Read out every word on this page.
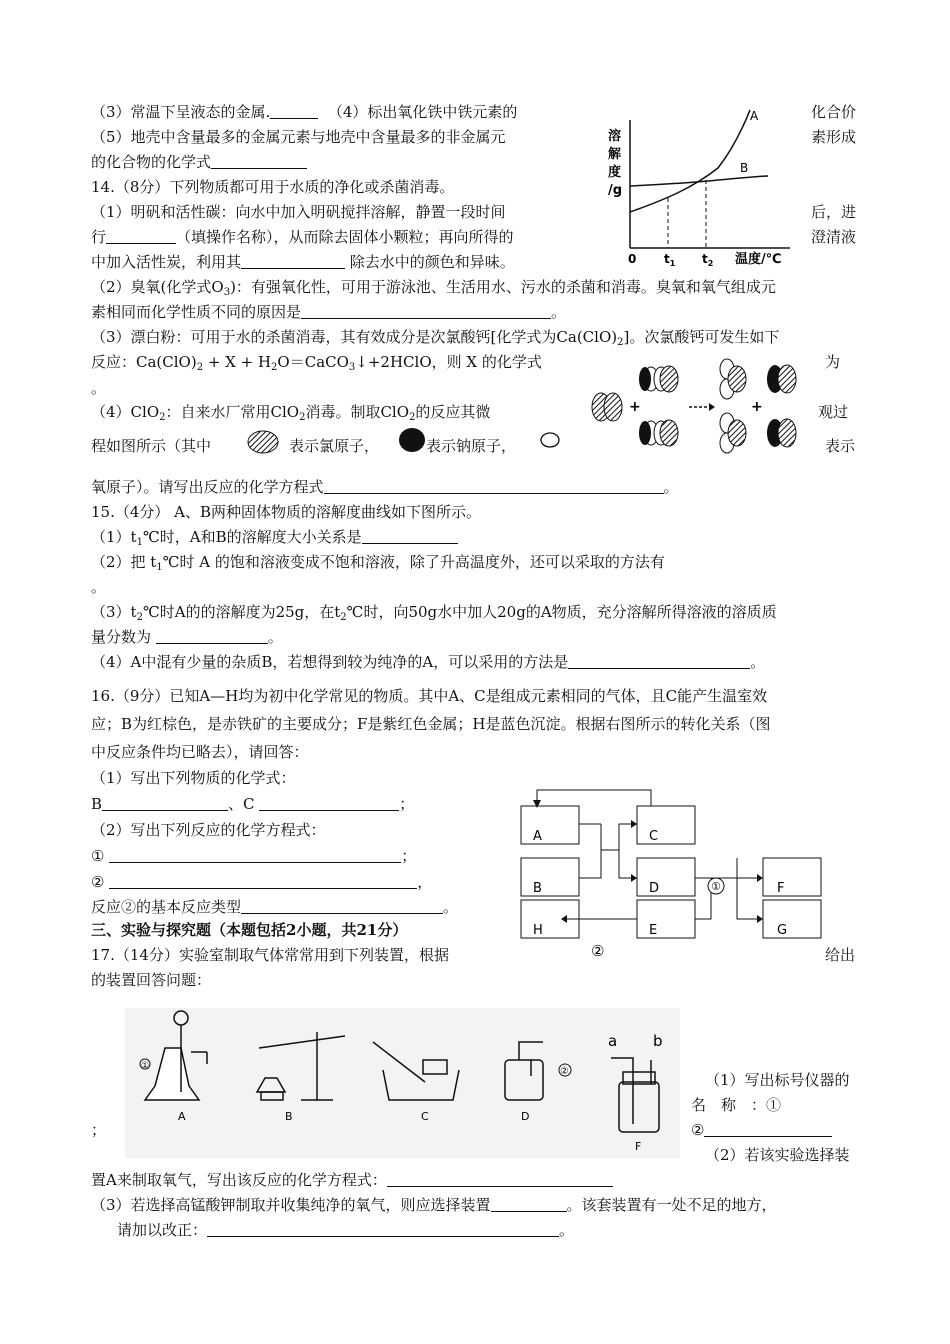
（3）常温下呈液态的金属.	（4）标出氧化铁中铁元素的	化合价
（5）地壳中含量最多的金属元素与地壳中含量最多的非金属元	素形成
的化合物的化学式
14.（8分）下列物质都可用于水质的净化或杀菌消毒。
（1）明矾和活性碳：向水中加入明矾搅拌溶解，静置一段时间	后，进
行	（填操作名称），从而除去固体小颗粒；再向所得的	澄清液
中加入活性炭，利用其	除去水中的颜色和异味。
（2）臭氧(化学式$O_3$)：有强氧化性，可用于游泳池、生活用水、污水的杀菌和消毒。臭氧和氧气组成元
素相同而化学性质不同的原因是	。
（3）漂白粉：可用于水的杀菌消毒，其有效成分是次氯酸钙[化学式为$Ca(ClO)_2$]。次氯酸钙可发生如下
反应：$Ca(ClO)_2 + X$ + $H_2O=CaCO_3↓+2HClO$，则 X 的化学式	为
。
（4）ClO$_2$：自来水厂常用ClO$_2$消毒。制取ClO$_2$的反应其微	观过
程如图所示（其中	表示氯原子，	表示钠原子，	表示
氧原子）。请写出反应的化学方程式	。
15.（4分） A、B两种固体物质的溶解度曲线如下图所示。
$(1)t_1℃$时，A和B的溶解度大小关系是
（2）把 $t_1℃$时 A 的饱和溶液变成不饱和溶液，除了升高温度外，还可以采取的方法有
。
$(3)t_2℃$时A的的溶解度为25g，在$t_2℃$时，向50g水中加人20g的A物质，充分溶解所得溶液的溶质质
量分数为	。
（4）A中混有少量的杂质B，若想得到较为纯净的A，可以采用的方法是	。
16.（9分）已知A—H均为初中化学常见的物质。其中A、C是组成元素相同的气体，且C能产生温室效
应；B为红棕色，是赤铁矿的主要成分；F是紫红色金属；H是蓝色沉淀。根据右图所示的转化关系（图
中反应条件均已略去），请回答：
（1）写出下列物质的化学式：
B	、C	；
（2）写出下列反应的化学方程式：
①	；
②	，
反应②的基本反应类型	。
三、实验与探究题（本题包括2小题，共21分）
17.（14分）实验室制取气体常常用到下列装置，根据	给出
的装置回答问题：
（1）写出标号仪器的
名　称　：①
②
；
（2）若该实验选择装
置A来制取氧气，写出该反应的化学方程式：
（3）若选择高锰酸钾制取并收集纯净的氧气，则应选择装置	。该套装置有一处不足的地方，
请加以改正：	。
A
B
溶
解
度
/g
0 $t_1$ $t_2$ 温度/℃
+	+
①
A	C
B	D	F
H	E	G
②
①	②
a b
A	B	C	D
F
